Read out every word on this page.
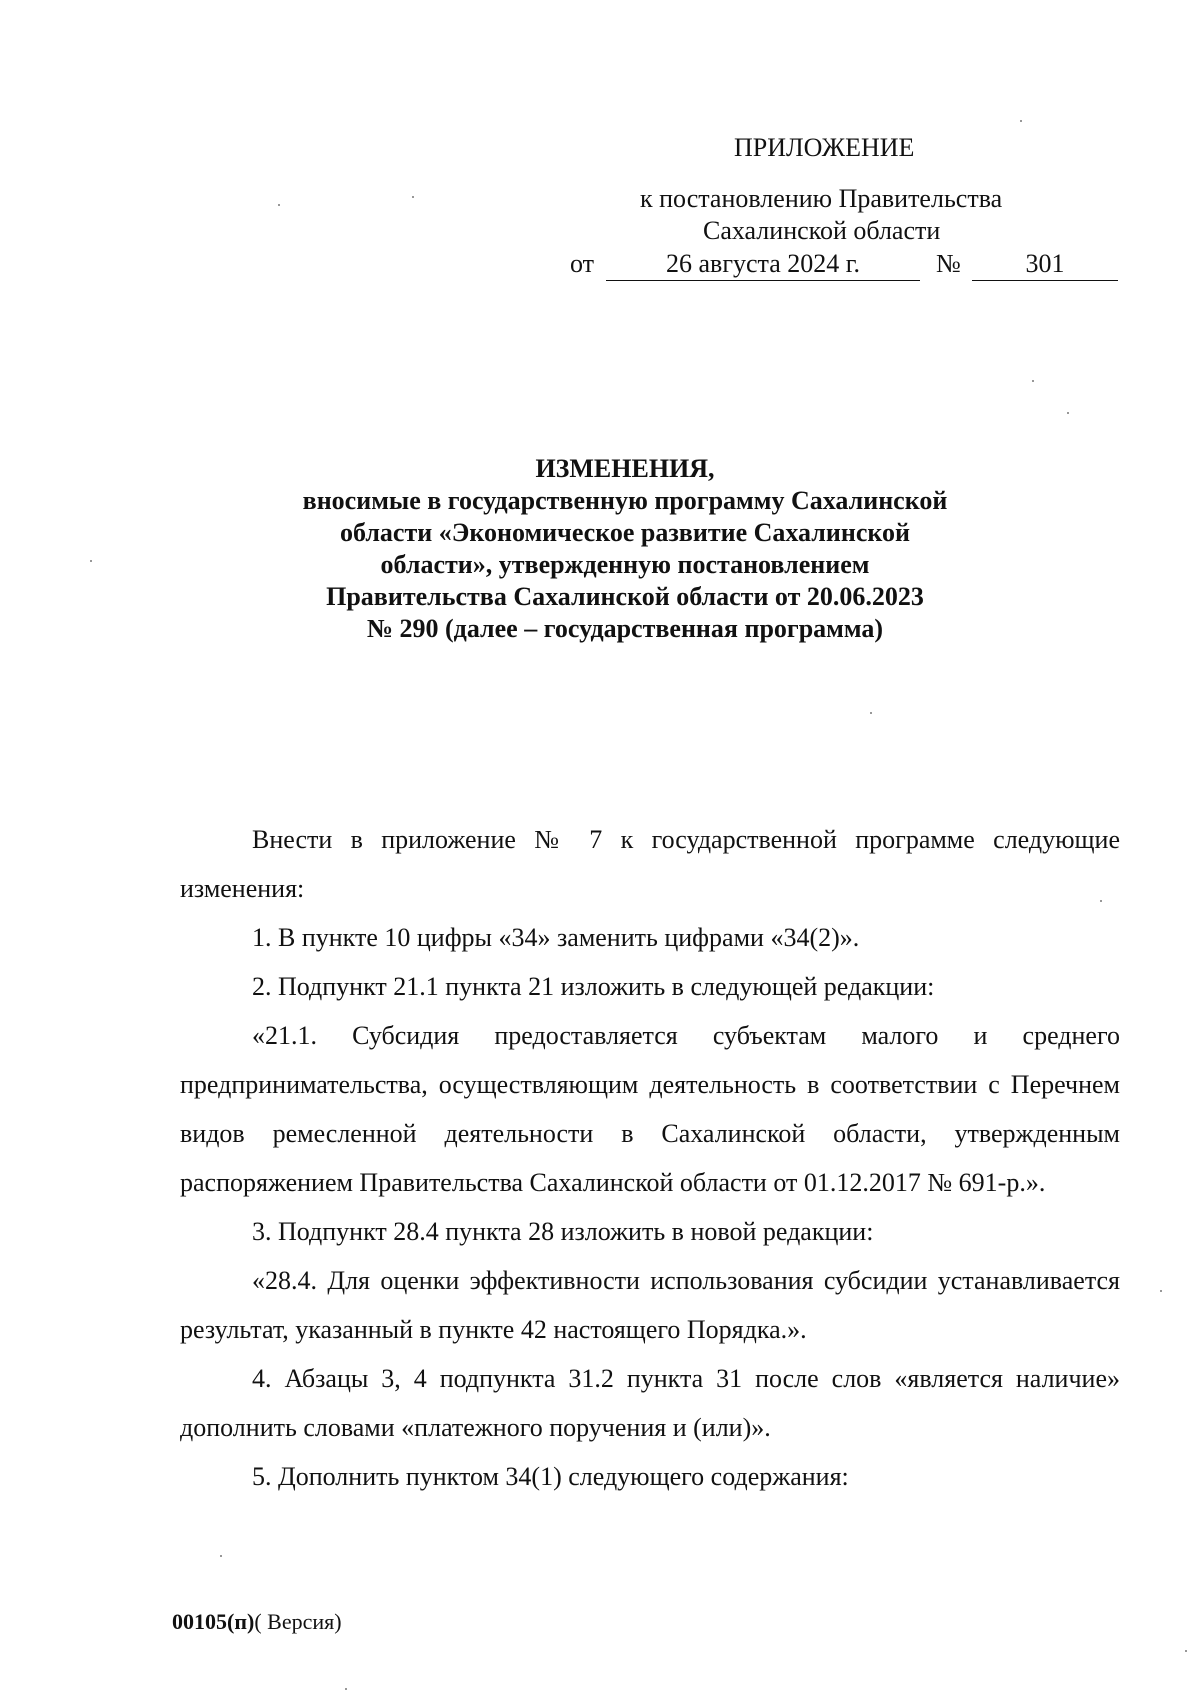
ПРИЛОЖЕНИЕ
к постановлению Правительства
Сахалинской области
от	26 августа 2024 г.	№	301
ИЗМЕНЕНИЯ,
вносимые в государственную программу Сахалинской
области «Экономическое развитие Сахалинской
области», утвержденную постановлением
Правительства Сахалинской области от 20.06.2023
№ 290 (далее – государственная программа)

Внести в приложение № 7 к государственной программе следующие изменения:

1. В пункте 10 цифры «34» заменить цифрами «34(2)».

2. Подпункт 21.1 пункта 21 изложить в следующей редакции:

«21.1. Субсидия предоставляется субъектам малого и среднего предпринимательства, осуществляющим деятельность в соответствии с Перечнем видов ремесленной деятельности в Сахалинской области, утвержденным распоряжением Правительства Сахалинской области от 01.12.2017 № 691-р.».

3. Подпункт 28.4 пункта 28 изложить в новой редакции:

«28.4. Для оценки эффективности использования субсидии устанавливается результат, указанный в пункте 42 настоящего Порядка.».

4. Абзацы 3, 4 подпункта 31.2 пункта 31 после слов «является наличие» дополнить словами «платежного поручения и (или)».

5. Дополнить пунктом 34(1) следующего содержания:

00105(п)( Версия)
